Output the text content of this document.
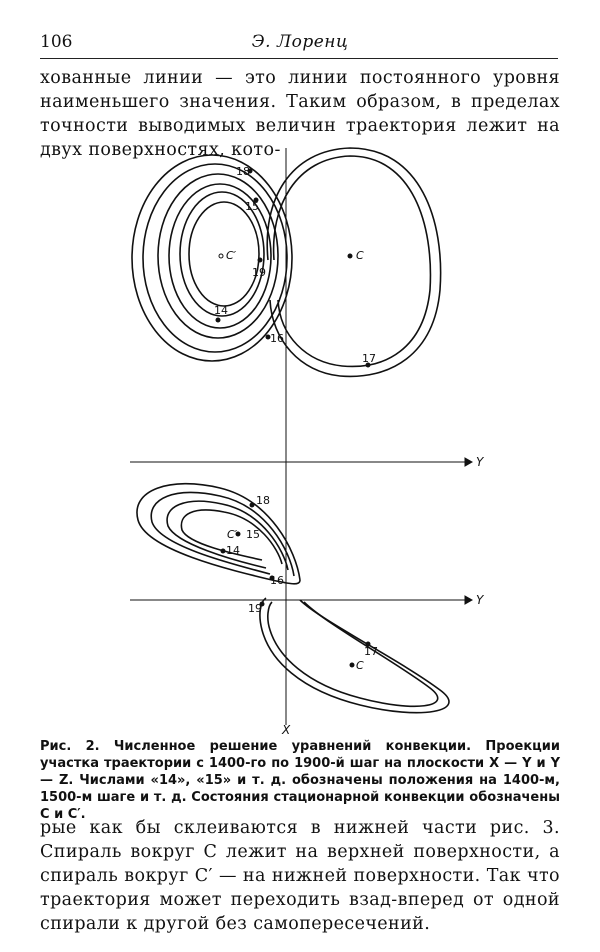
106	Э. Лоренц
хованные линии — это линии постоянного уровня наименьшего значения. Таким образом, в пределах точности выводимых величин траектория лежит на двух поверхностях, кото-
18
15
19
14
16
17
C′	C
Y
Y
X
18
15
14
16
19
17
C′
C
Рис. 2. Численное решение уравнений конвекции. Проекции участка траектории с 1400-го по 1900-й шаг на плоскости X — Y и Y — Z. Числами «14», «15» и т. д. обозначены положения на 1400-м, 1500-м шаге и т. д. Состояния стационарной конвекции обозначены C и C′.
рые как бы склеиваются в нижней части рис. 3. Спираль вокруг C лежит на верхней поверхности, а спираль вокруг C′ — на нижней поверхности. Так что траектория может переходить взад-вперед от одной спирали к другой без самопересечений.
